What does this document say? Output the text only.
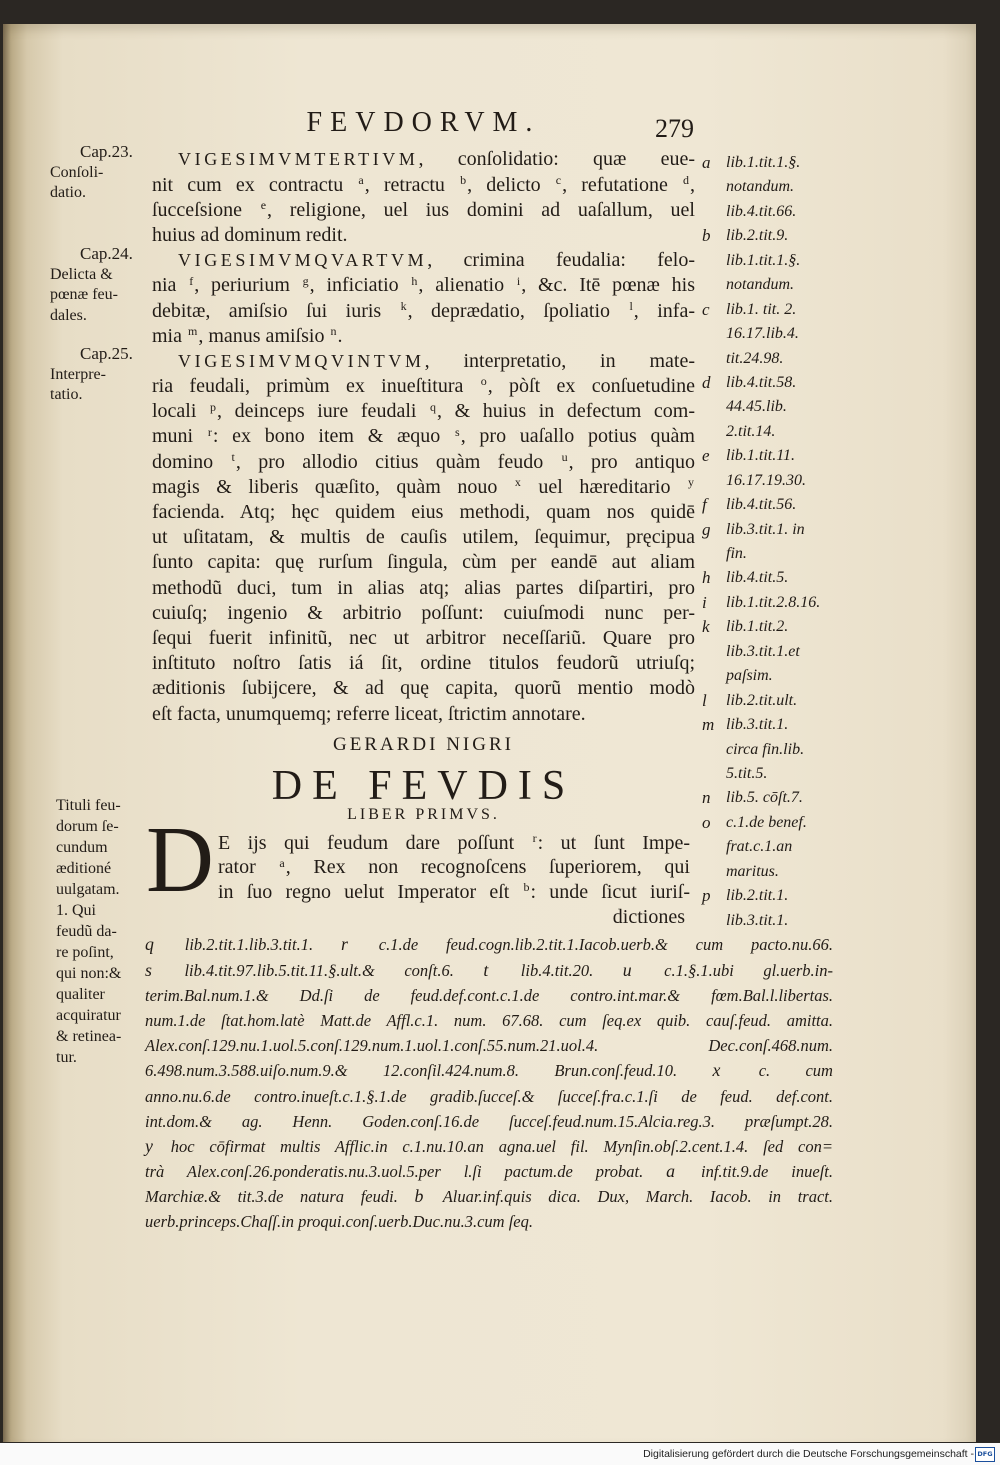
FEVDORVM.	279
Cap.23.
Conſoli-
datio.
Cap.24.
Delicta &
pœnæ feu-
dales.
Cap.25.
Interpre-
tatio.
Tituli feu-
dorum ſe-
cundum
æditioné
uulgatam.
1. Qui
feudũ da-
re poſint,
qui non:&
qualiter
acquiratur
& retinea-
tur.
VIGESIMVMTERTIVM, conſolidatio: quæ eue-
nit cum ex contractu $^a$, retractu $^b$, delicto $^c$, refutatione $^d$,
ſucceſsione $^e$, religione, uel ius domini ad uaſallum, uel
huius ad dominum redit.
VIGESIMVMQVARTVM, crimina feudalia: felo-
nia $^f$, periurium $^g$, inficiatio $^h$, alienatio $^i$, &c. Itē pœnæ his
debitæ, amiſsio ſui iuris $^k$, deprædatio, ſpoliatio $^l$, infa-
mia $^m$, manus amiſsio $^n$.
VIGESIMVMQVINTVM, interpretatio, in mate-
ria feudali, primùm ex inueſtitura $^o$, pòſt ex conſuetudine
locali $^p$, deinceps iure feudali $^q$, & huius in defectum com-
muni $^r$: ex bono item & æquo $^s$, pro uaſallo potius quàm
domino $^t$, pro allodio citius quàm feudo $^u$, pro antiquo
magis & liberis quæſito, quàm nouo $^x$ uel hæreditario $^y$
facienda. Atq; hęc quidem eius methodi, quam nos quidē
ut uſitatam, & multis de cauſis utilem, ſequimur, pręcipua
ſunto capita: quę rurſum ſingula, cùm per eandē aut aliam
methodũ duci, tum in alias atq; alias partes diſpartiri, pro
cuiuſq; ingenio & arbitrio poſſunt: cuiuſmodi nunc per-
ſequi fuerit infinitũ, nec ut arbitror neceſſariũ. Quare pro
inſtituto noſtro ſatis iá ſit, ordine titulos feudorũ utriuſq;
æditionis ſubijcere, & ad quę capita, quorũ mentio modò
eſt facta, unumquemq; referre liceat, ſtrictim annotare.
a lib.1.tit.1.§.
notandum.
lib.4.tit.66.
b lib.2.tit.9.
lib.1.tit.1.§.
notandum.
c lib.1. tit. 2.
16.17.lib.4.
tit.24.98.
d lib.4.tit.58.
44.45.lib.
2.tit.14.
e lib.1.tit.11.
16.17.19.30.
f lib.4.tit.56.
g lib.3.tit.1. in
fin.
h lib.4.tit.5.
i lib.1.tit.2.8.16.
k lib.1.tit.2.
lib.3.tit.1.et
paſsim.
l lib.2.tit.ult.
m lib.3.tit.1.
circa fin.lib.
5.tit.5.
n lib.5. cōſt.7.
o c.1.de benef.
frat.c.1.an
maritus.
p lib.2.tit.1.
lib.3.tit.1.
GERARDI NIGRI
DE FEVDIS
LIBER PRIMVS.
D E ijs qui feudum dare poſſunt $^r$: ut ſunt Impe-
rator $^a$, Rex non recognoſcens ſuperiorem, qui
in ſuo regno uelut Imperator eſt $^b$: unde ſicut iuriſ-
dictiones
q lib.2.tit.1.lib.3.tit.1. r c.1.de feud.cogn.lib.2.tit.1.Iacob.uerb.& cum pacto.nu.66.
s lib.4.tit.97.lib.5.tit.11.§.ult.& conſt.6. t lib.4.tit.20. u c.1.§.1.ubi gl.uerb.in-
terim.Bal.num.1.& Dd.ſi de feud.def.cont.c.1.de contro.int.mar.& fœm.Bal.l.libertas.
num.1.de ſtat.hom.latè Matt.de Affl.c.1. num. 67.68. cum ſeq.ex quib. cauſ.feud. amitta.
Alex.conſ.129.nu.1.uol.5.conſ.129.num.1.uol.1.conſ.55.num.21.uol.4. Dec.conſ.468.num.
6.498.num.3.588.uiſo.num.9.& 12.conſil.424.num.8. Brun.conſ.feud.10. x c. cum
anno.nu.6.de contro.inueſt.c.1.§.1.de gradib.ſucceſ.& ſucceſ.fra.c.1.ſi de feud. def.cont.
int.dom.& ag. Henn. Goden.conſ.16.de ſucceſ.feud.num.15.Alcia.reg.3. præſumpt.28.
y hoc cōfirmat multis Afflic.in c.1.nu.10.an agna.uel fil. Mynſin.obſ.2.cent.1.4. ſed con=
trà Alex.conſ.26.ponderatis.nu.3.uol.5.per l.ſi pactum.de probat. a inf.tit.9.de inueſt.
Marchiæ.& tit.3.de natura feudi. b Aluar.inf.quis dica. Dux, March. Iacob. in tract.
uerb.princeps.Chaſſ.in proqui.conſ.uerb.Duc.nu.3.cum ſeq.
Digitalisierung gefördert durch die Deutsche Forschungsgemeinschaft - DFG
